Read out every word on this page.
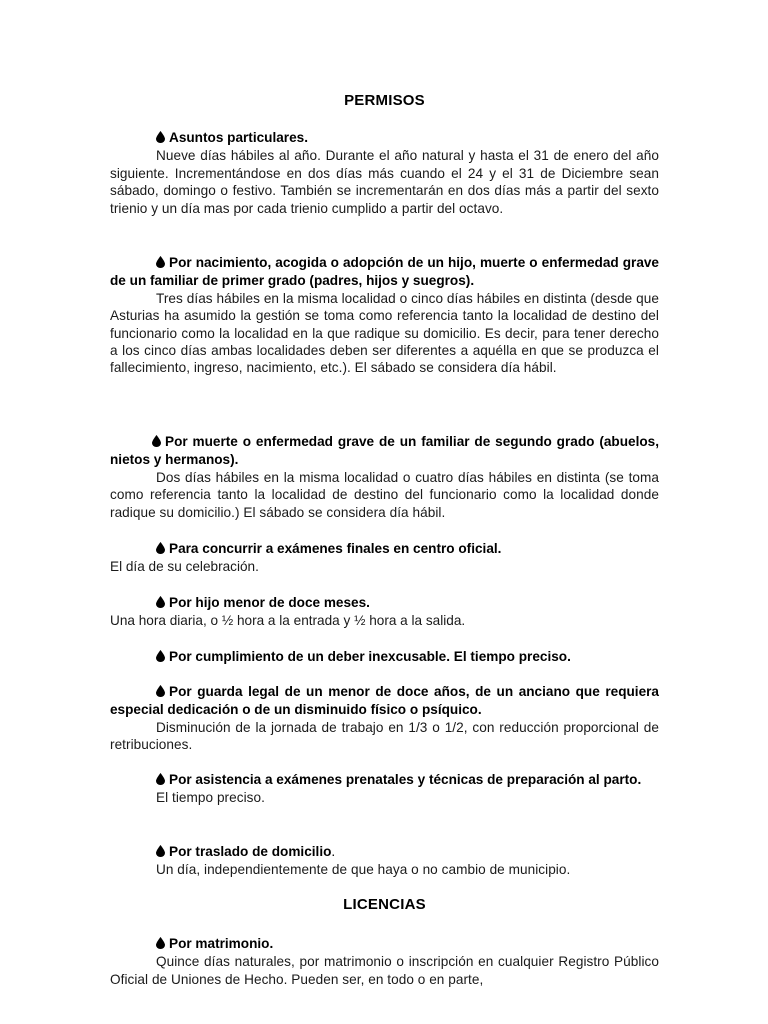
PERMISOS

Asuntos particulares.

Nueve días hábiles al año. Durante el año natural y hasta el 31 de enero del año siguiente. Incrementándose en dos días más cuando el 24 y el 31 de Diciembre sean sábado, domingo o festivo. También se incrementarán en dos días más a partir del sexto trienio y un día mas por cada trienio cumplido a partir del octavo.

Por nacimiento, acogida o adopción de un hijo, muerte o enfermedad grave de un familiar de primer grado (padres, hijos y suegros).

Tres días hábiles en la misma localidad o cinco días hábiles en distinta (desde que Asturias ha asumido la gestión se toma como referencia tanto la localidad de destino del funcionario como la localidad en la que radique su domicilio. Es decir, para tener derecho a los cinco días ambas localidades deben ser diferentes a aquélla en que se produzca el fallecimiento, ingreso, nacimiento, etc.). El sábado se considera día hábil.

Por muerte o enfermedad grave de un familiar de segundo grado (abuelos, nietos y hermanos).

Dos días hábiles en la misma localidad o cuatro días hábiles en distinta (se toma como referencia tanto la localidad de destino del funcionario como la localidad donde radique su domicilio.) El sábado se considera día hábil.

Para concurrir a exámenes finales en centro oficial.

El día de su celebración.

Por hijo menor de doce meses.

Una hora diaria, o ½ hora a la entrada y ½ hora a la salida.

Por cumplimiento de un deber inexcusable. El tiempo preciso.

Por guarda legal de un menor de doce años, de un anciano que requiera especial dedicación o de un disminuido físico o psíquico.

Disminución de la jornada de trabajo en 1/3 o 1/2, con reducción proporcional de retribuciones.

Por asistencia a exámenes prenatales y técnicas de preparación al parto.

El tiempo preciso.

Por traslado de domicilio.

Un día, independientemente de que haya o no cambio de municipio.

LICENCIAS

Por matrimonio.

Quince días naturales, por matrimonio o inscripción en cualquier Registro Público Oficial de Uniones de Hecho. Pueden ser, en todo o en parte,
